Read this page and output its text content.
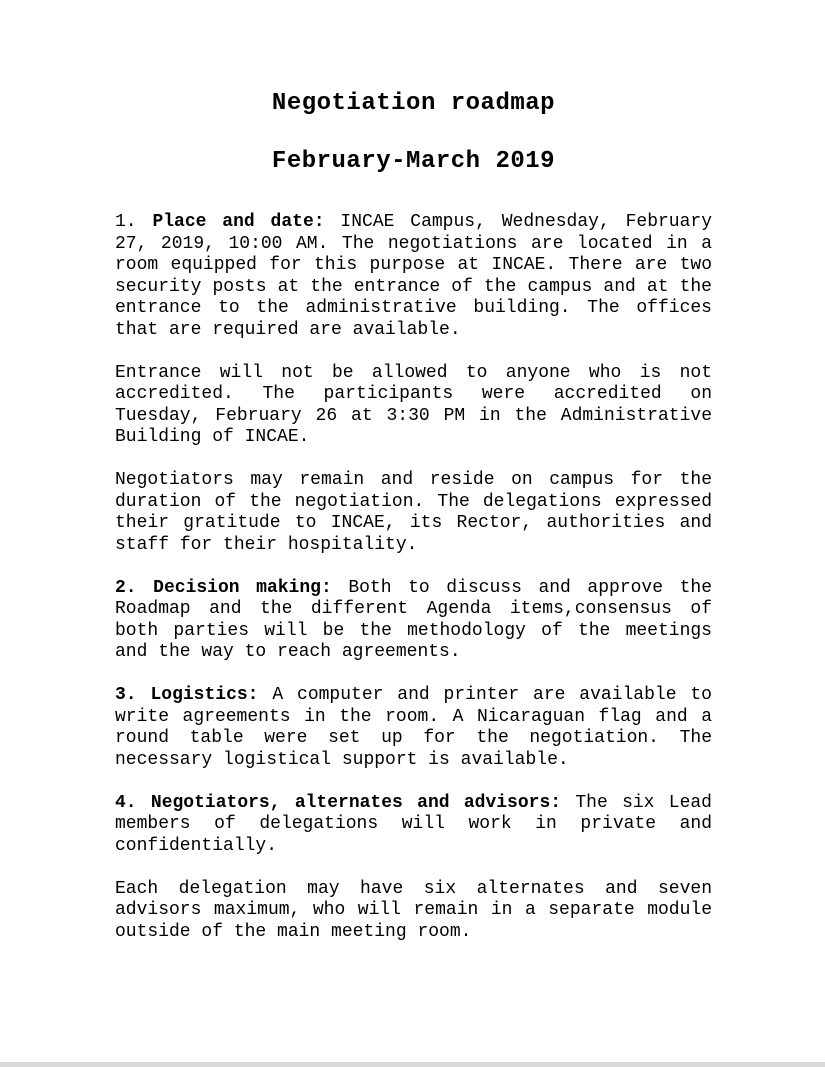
Negotiation roadmap
February-March 2019

1. Place and date: INCAE Campus, Wednesday, February 27, 2019, 10:00 AM. The negotiations are located in a room equipped for this purpose at INCAE. There are two security posts at the entrance of the campus and at the entrance to the administrative building. The offices that are required are available.

Entrance will not be allowed to anyone who is not accredited. The participants were accredited on Tuesday, February 26 at 3:30 PM in the Administrative Building of INCAE.

Negotiators may remain and reside on campus for the duration of the negotiation. The delegations expressed their gratitude to INCAE, its Rector, authorities and staff for their hospitality.

2. Decision making: Both to discuss and approve the Roadmap and the different Agenda items,consensus of both parties will be the methodology of the meetings and the way to reach agreements.

3. Logistics: A computer and printer are available to write agreements in the room. A Nicaraguan flag and a round table were set up for the negotiation. The necessary logistical support is available.

4. Negotiators, alternates and advisors: The six Lead members of delegations will work in private and confidentially.

Each delegation may have six alternates and seven advisors maximum, who will remain in a separate module outside of the main meeting room.
